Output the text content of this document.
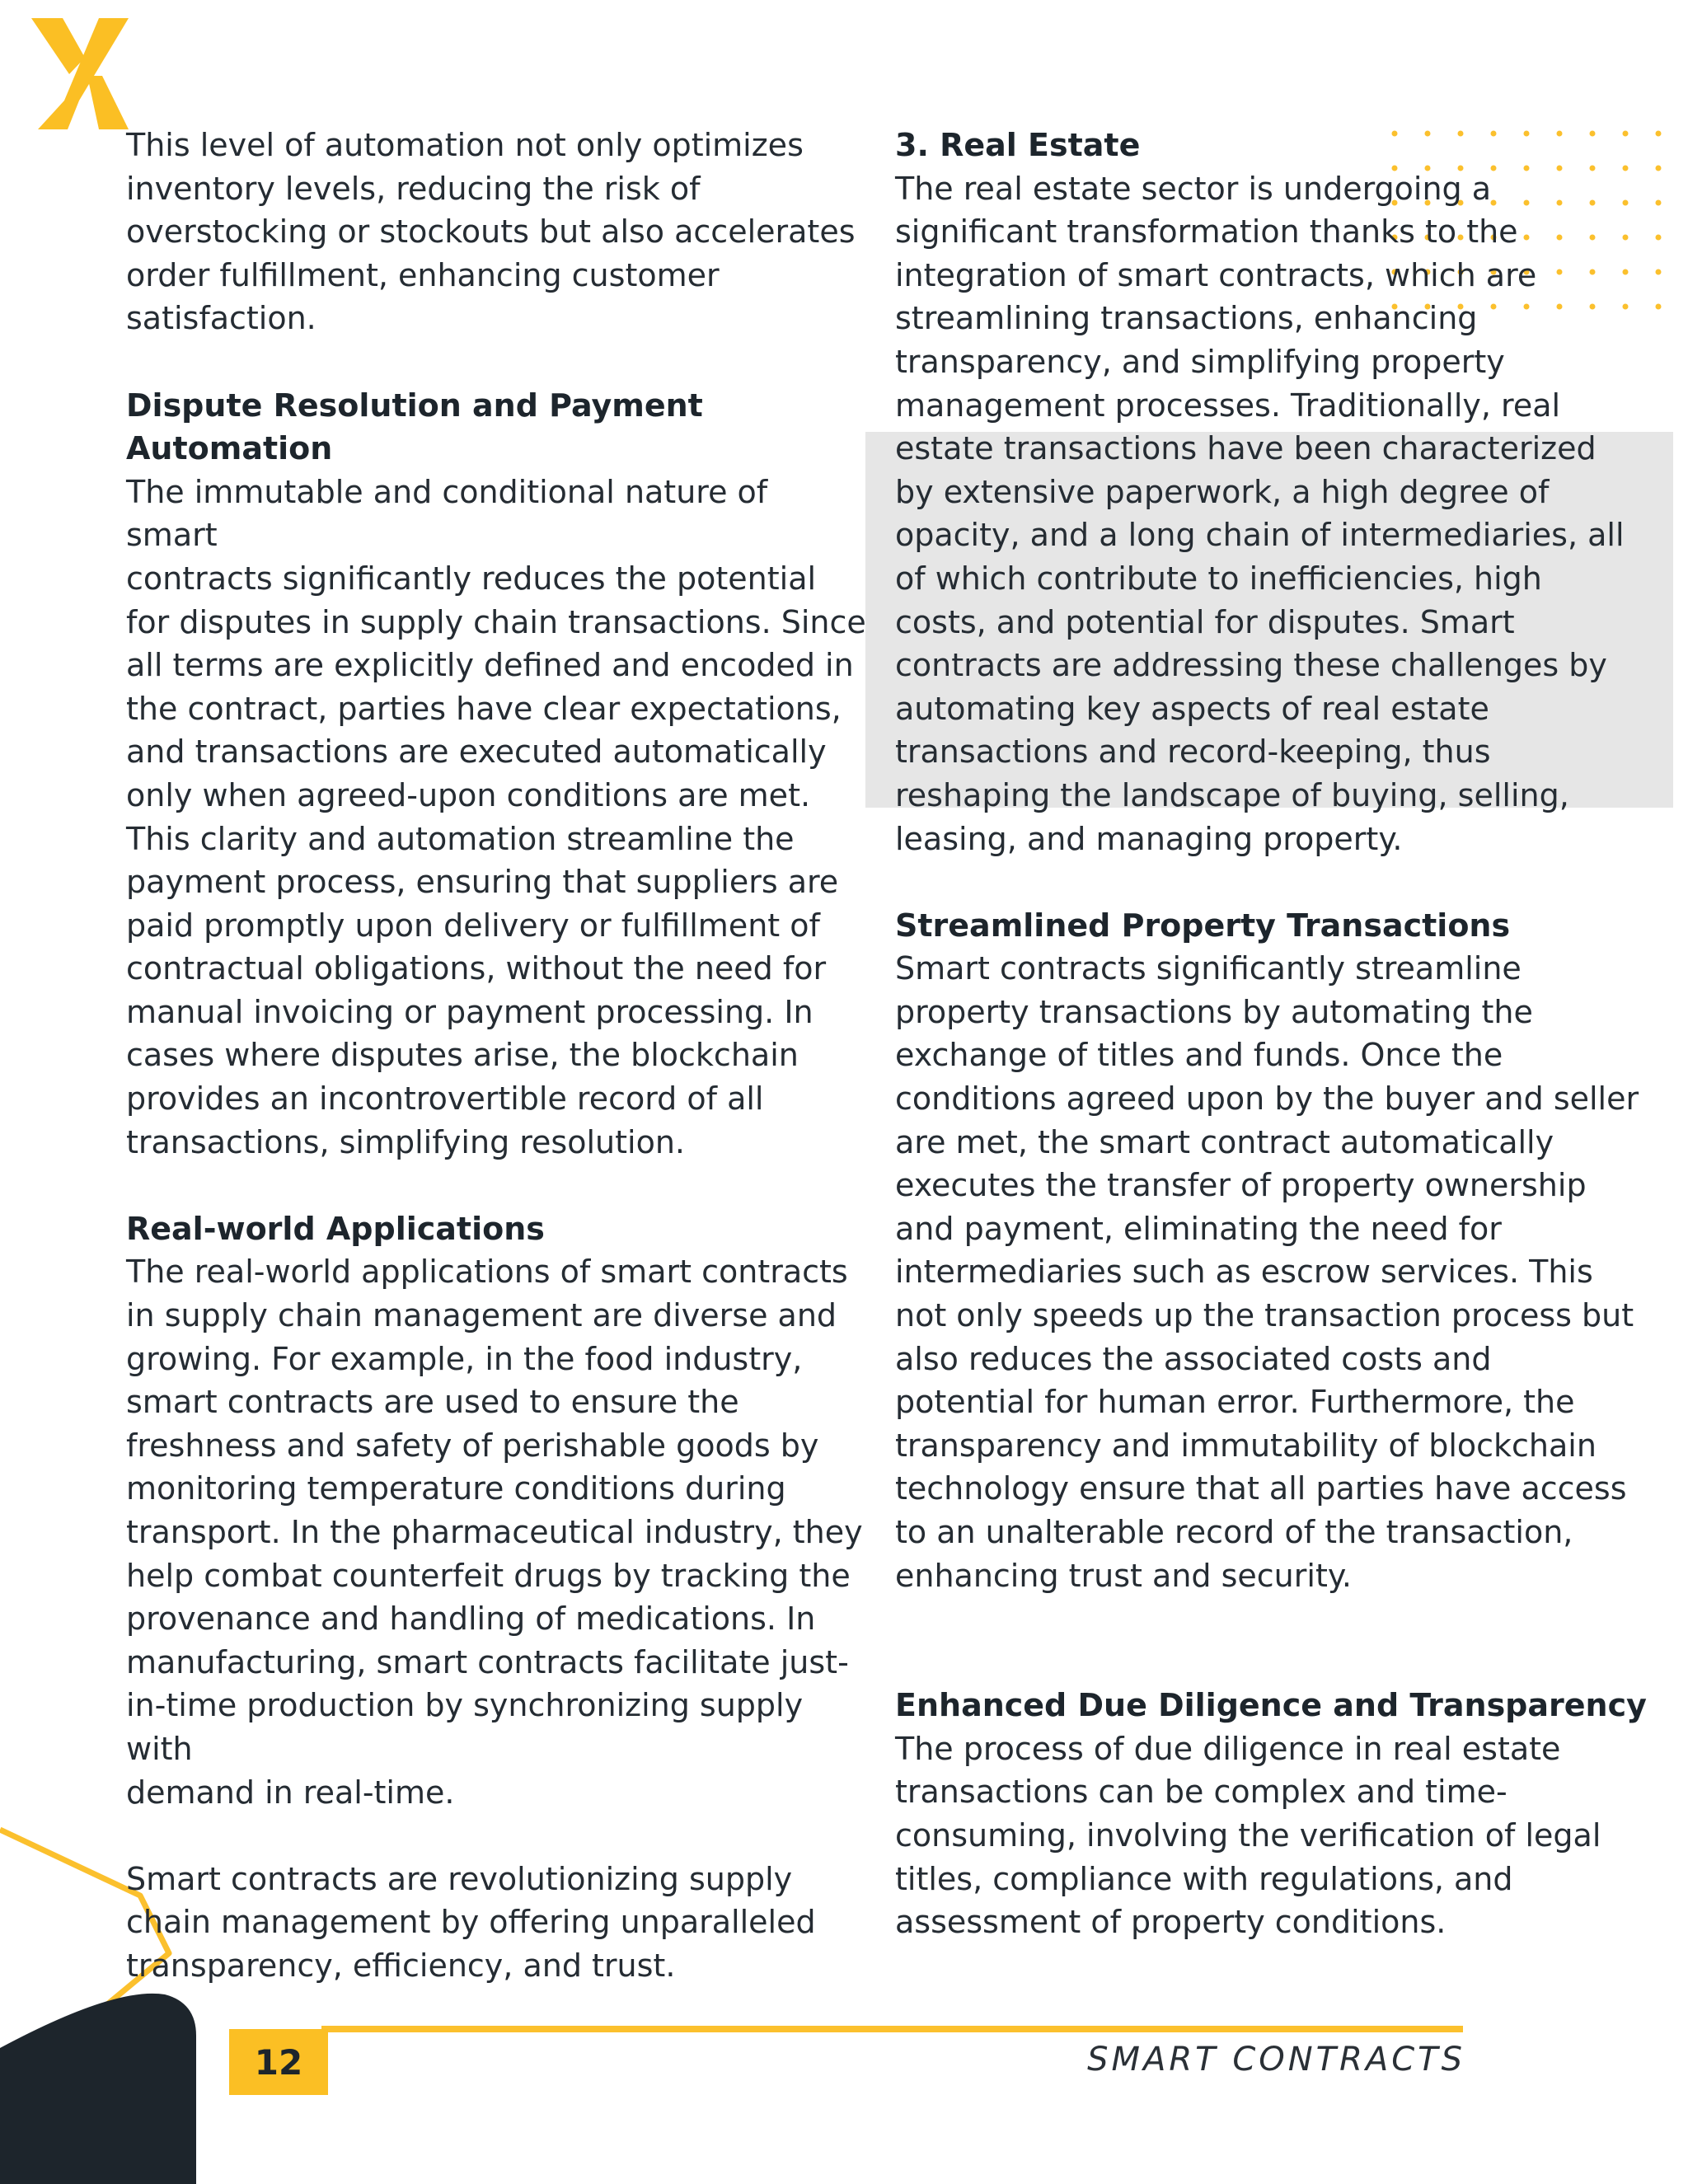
This level of automation not only optimizes
inventory levels, reducing the risk of
overstocking or stockouts but also accelerates
order fulfillment, enhancing customer
satisfaction.

Dispute Resolution and Payment
Automation

The immutable and conditional nature of smart
contracts significantly reduces the potential
for disputes in supply chain transactions. Since
all terms are explicitly defined and encoded in
the contract, parties have clear expectations,
and transactions are executed automatically
only when agreed-upon conditions are met.
This clarity and automation streamline the
payment process, ensuring that suppliers are
paid promptly upon delivery or fulfillment of
contractual obligations, without the need for
manual invoicing or payment processing. In
cases where disputes arise, the blockchain
provides an incontrovertible record of all
transactions, simplifying resolution.

Real-world Applications

The real-world applications of smart contracts
in supply chain management are diverse and
growing. For example, in the food industry,
smart contracts are used to ensure the
freshness and safety of perishable goods by
monitoring temperature conditions during
transport. In the pharmaceutical industry, they
help combat counterfeit drugs by tracking the
provenance and handling of medications. In
manufacturing, smart contracts facilitate just-
in-time production by synchronizing supply with
demand in real-time.

Smart contracts are revolutionizing supply
chain management by offering unparalleled
transparency, efficiency, and trust.

3. Real Estate

The real estate sector is undergoing a
significant transformation thanks to the
integration of smart contracts, which are
streamlining transactions, enhancing
transparency, and simplifying property
management processes. Traditionally, real
estate transactions have been characterized
by extensive paperwork, a high degree of
opacity, and a long chain of intermediaries, all
of which contribute to inefficiencies, high
costs, and potential for disputes. Smart
contracts are addressing these challenges by
automating key aspects of real estate
transactions and record-keeping, thus
reshaping the landscape of buying, selling,
leasing, and managing property.

Streamlined Property Transactions

Smart contracts significantly streamline
property transactions by automating the
exchange of titles and funds. Once the
conditions agreed upon by the buyer and seller
are met, the smart contract automatically
executes the transfer of property ownership
and payment, eliminating the need for
intermediaries such as escrow services. This
not only speeds up the transaction process but
also reduces the associated costs and
potential for human error. Furthermore, the
transparency and immutability of blockchain
technology ensure that all parties have access
to an unalterable record of the transaction,
enhancing trust and security.

Enhanced Due Diligence and Transparency

The process of due diligence in real estate
transactions can be complex and time-
consuming, involving the verification of legal
titles, compliance with regulations, and
assessment of property conditions.

12	SMART CONTRACTS
